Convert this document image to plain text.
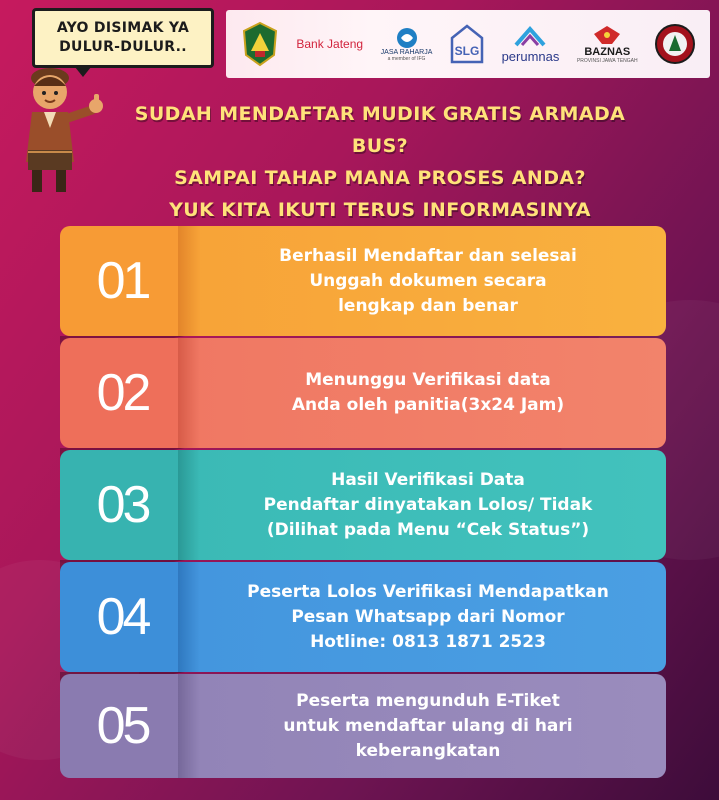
AYO DISIMAK YA
DULUR-DULUR..	Bank Jateng
JASA RAHARJA
a member of IFG
SLG perumnas BAZNAS
PROVINSI JAWA TENGAH
SUDAH MENDAFTAR MUDIK GRATIS ARMADA BUS?
SAMPAI TAHAP MANA PROSES ANDA?
YUK KITA IKUTI TERUS INFORMASINYA
01	Berhasil Mendaftar dan selesai
Unggah dokumen secara
lengkap dan benar
02	Menunggu Verifikasi data
Anda oleh panitia(3x24 Jam)
03	Hasil Verifikasi Data
Pendaftar dinyatakan Lolos/ Tidak
(Dilihat pada Menu “Cek Status”)
04	Peserta Lolos Verifikasi Mendapatkan
Pesan Whatsapp dari Nomor
Hotline: 0813 1871 2523
05	Peserta mengunduh E-Tiket
untuk mendaftar ulang di hari
keberangkatan
